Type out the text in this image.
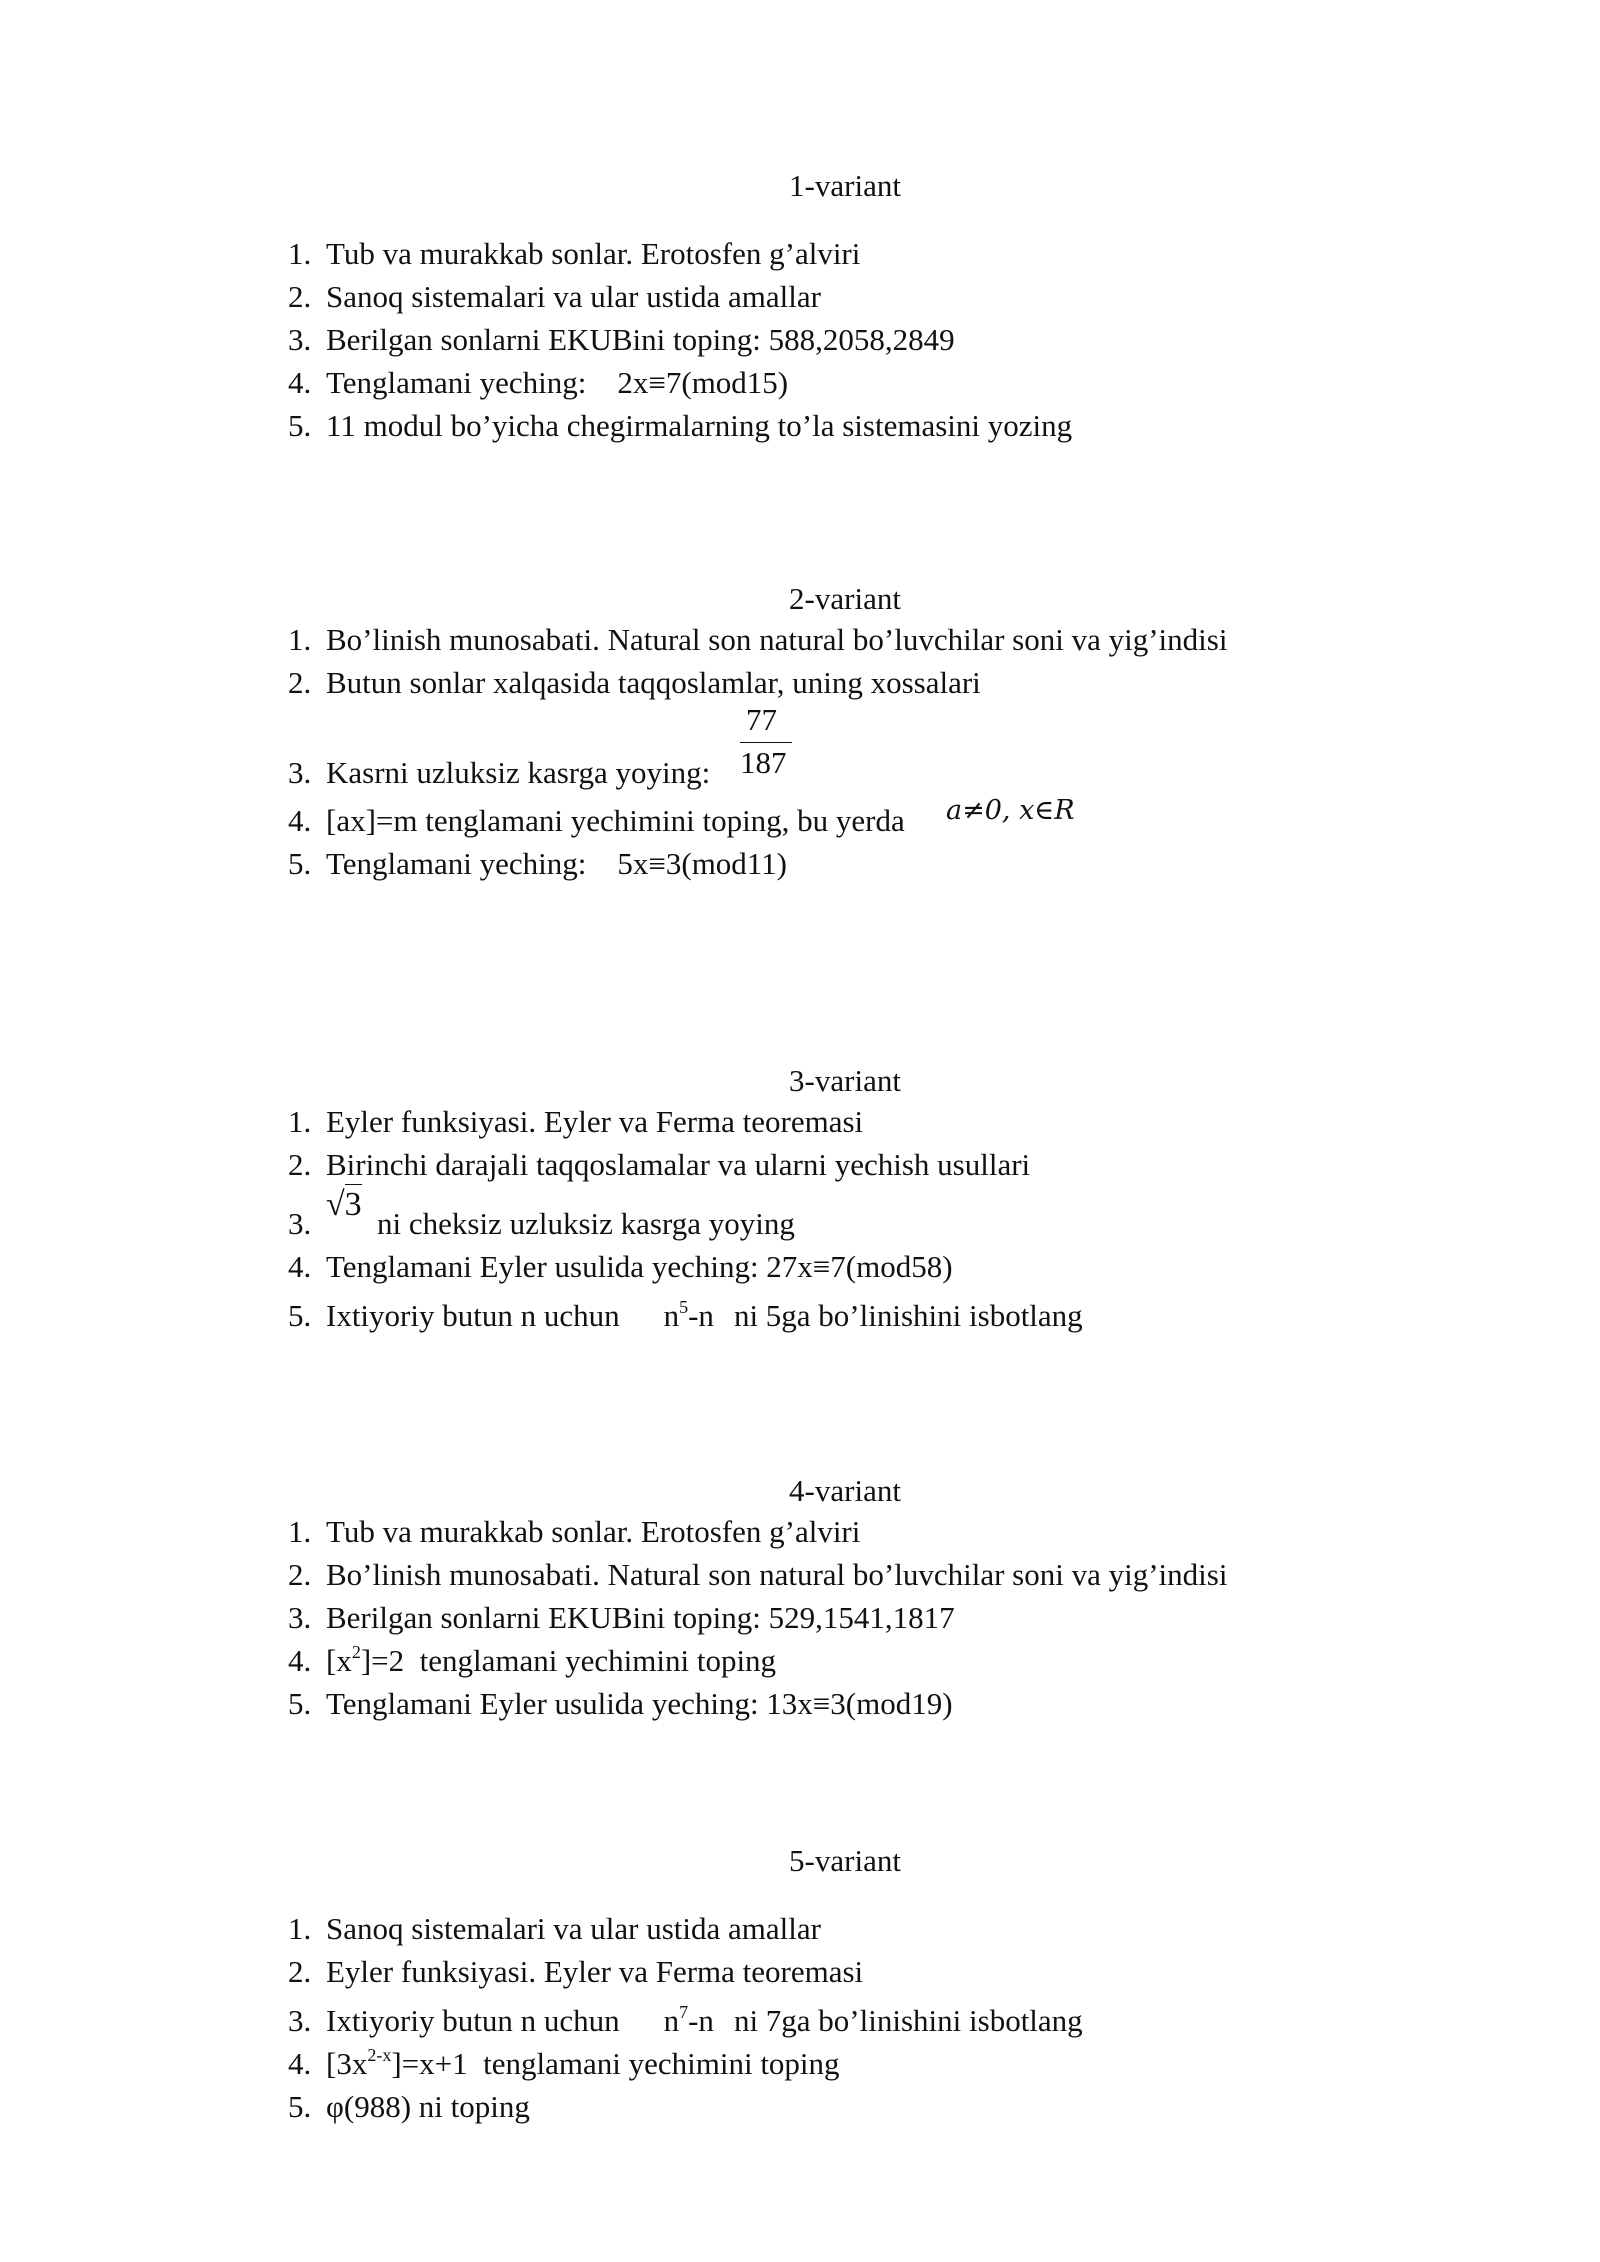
1-variant
1. Tub va murakkab sonlar. Erotosfen g’alviri
2. Sanoq sistemalari va ular ustida amallar
3. Berilgan sonlarni EKUBini toping: 588,2058,2849
4. Tenglamani yeching:    2x≡7(mod15)
5. 11 modul bo’yicha chegirmalarning to’la sistemasini yozing
2-variant
1. Bo’linish munosabati. Natural son natural bo’luvchilar soni va yig’indisi
2. Butun sonlar xalqasida taqqoslamlar, uning xossalari
3. Kasrni uzluksiz kasrga yoying:
77
187
4. [ax]=m tenglamani yechimini toping, bu yerda a≠0, x∈R
5. Tenglamani yeching:    5x≡3(mod11)
3-variant
1. Eyler funksiyasi. Eyler va Ferma teoremasi
2. Birinchi darajali taqqoslamalar va ularni yechish usullari
3.
√3
ni cheksiz uzluksiz kasrga yoying
4. Tenglamani Eyler usulida yeching: 27x≡7(mod58)
5. Ixtiyoriy butun n uchun $n^5-n$ ni 5ga bo’linishini isbotlang
4-variant
1. Tub va murakkab sonlar. Erotosfen g’alviri
2. Bo’linish munosabati. Natural son natural bo’luvchilar soni va yig’indisi
3. Berilgan sonlarni EKUBini toping: 529,1541,1817
4. $[x^2]=2$  tenglamani yechimini toping
5. Tenglamani Eyler usulida yeching: 13x≡3(mod19)
5-variant
1. Sanoq sistemalari va ular ustida amallar
2. Eyler funksiyasi. Eyler va Ferma teoremasi
3. Ixtiyoriy butun n uchun $n^7-n$ ni 7ga bo’linishini isbotlang
4. $[3x^{2-x}]=x+1$  tenglamani yechimini toping
5. φ(988) ni toping
